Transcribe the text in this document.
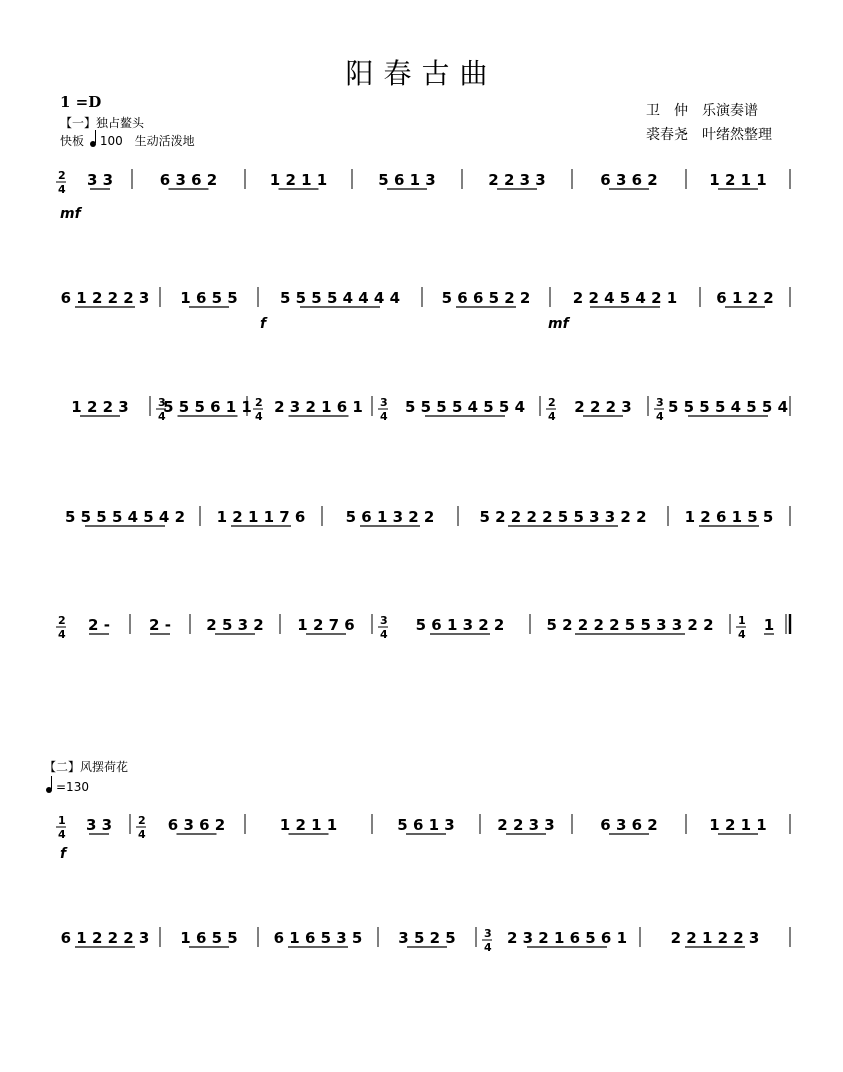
阳春古曲
1 =D	卫　仲　 乐演奏谱
裘春尧　叶绪然整理
【一】独占鳌头
快板 100 生动活泼地
【二】风摆荷花
=130
2
4
3 3	6 3 6 2	1 2 1 1	5 6 1 3	2 2 3 3	6 3 6 2	1 2 1 1
6 1 2 2 2 3 1 6 5 5	5 5 5 5 4 4 4 4	5 6 6 5 2 2	2 2 4 5 4 2 1	6 1 2 2
1 2 2 3	3
4
5 5 5 6 1 1 2
4
2 3 2 1 6 1 3
4
5 5 5 5 4 5 5 4 2
4
2 2 2 3 3
4
5 5 5 5 4 5 5 4
5 5 5 5 4 5 4 2 1 2 1 1 7 6	5 6 1 3 2 2	5 2 2 2 2 5 5 3 3 2 2	1 2 6 1 5 5
2
4
2 -	2 - 2 5 3 2 1 2 7 6 3
4
5 6 1 3 2 2	5 2 2 2 2 5 5 3 3 2 2 1
4
1
1
4
3 3 2
4
6 3 6 2	1 2 1 1	5 6 1 3	2 2 3 3	6 3 6 2	1 2 1 1
6 1 2 2 2 3 1 6 5 5 6 1 6 5 3 5 3 5 2 5	3
4
2 3 2 1 6 5 6 1	2 2 1 2 2 3
mf
f	mf
f
